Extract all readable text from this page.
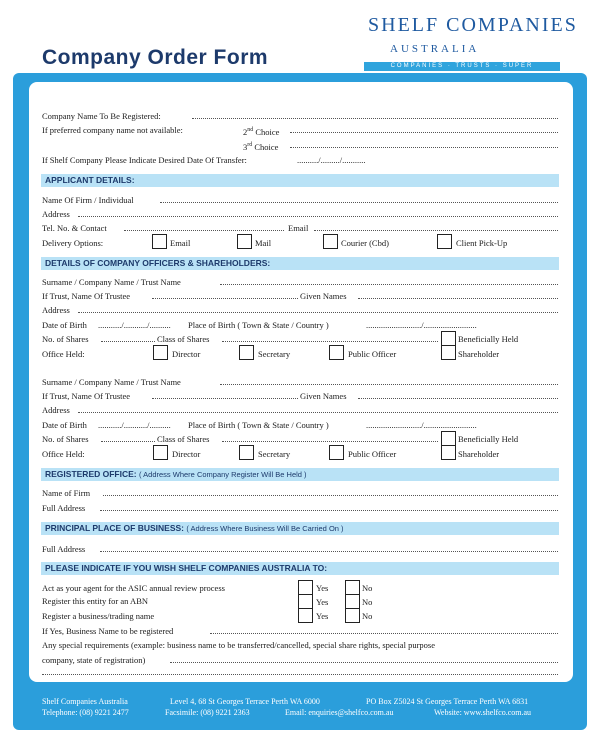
Company Order Form
SHELF COMPANIES
AUSTRALIA
COMPANIES · TRUSTS · SUPER
Company Name To Be Registered:
If preferred company name not available:	2nd Choice
3rd Choice
If Shelf Company Please Indicate Desired Date Of Transfer:	........../........./...........
APPLICANT DETAILS:
Name Of Firm / Individual
Address
Tel. No. & Contact	Email
Delivery Options:	Email	Mail	Courier (Cbd)	Client Pick-Up
DETAILS OF COMPANY OFFICERS & SHAREHOLDERS:
Surname / Company Name / Trust Name
If Trust, Name Of Trustee	Given Names
Address
Date of Birth .........../.........../.......... Place of Birth ( Town & State / Country )	........................../.........................
No. of Shares	Class of Shares	Beneficially Held
Office Held:	Director	Secretary	Public Officer	Shareholder
Surname / Company Name / Trust Name
If Trust, Name Of Trustee	Given Names
Address
Date of Birth .........../.........../.......... Place of Birth ( Town & State / Country )	........................../.........................
No. of Shares	Class of Shares	Beneficially Held
Office Held:	Director	Secretary	Public Officer	Shareholder
REGISTERED OFFICE: ( Address Where Company Register Will Be Held )
Name of Firm
Full Address
PRINCIPAL PLACE OF BUSINESS: ( Address Where Business Will Be Carried On )
Full Address
PLEASE INDICATE IF YOU WISH SHELF COMPANIES AUSTRALIA TO:
Act as your agent for the ASIC annual review process	Yes	No
Register this entity for an ABN	Yes	No
Register a business/trading name	Yes	No
If Yes, Business Name to be registered
Any special requirements (example: business name to be transferred/cancelled, special share rights, special purpose
company, state of registration)
Shelf Companies Australia	Level 4, 68 St Georges Terrace Perth WA 6000	PO Box Z5024 St Georges Terrace Perth WA 6831
Telephone: (08) 9221 2477	Facsimile: (08) 9221 2363	Email: enquiries@shelfco.com.au	Website: www.shelfco.com.au
